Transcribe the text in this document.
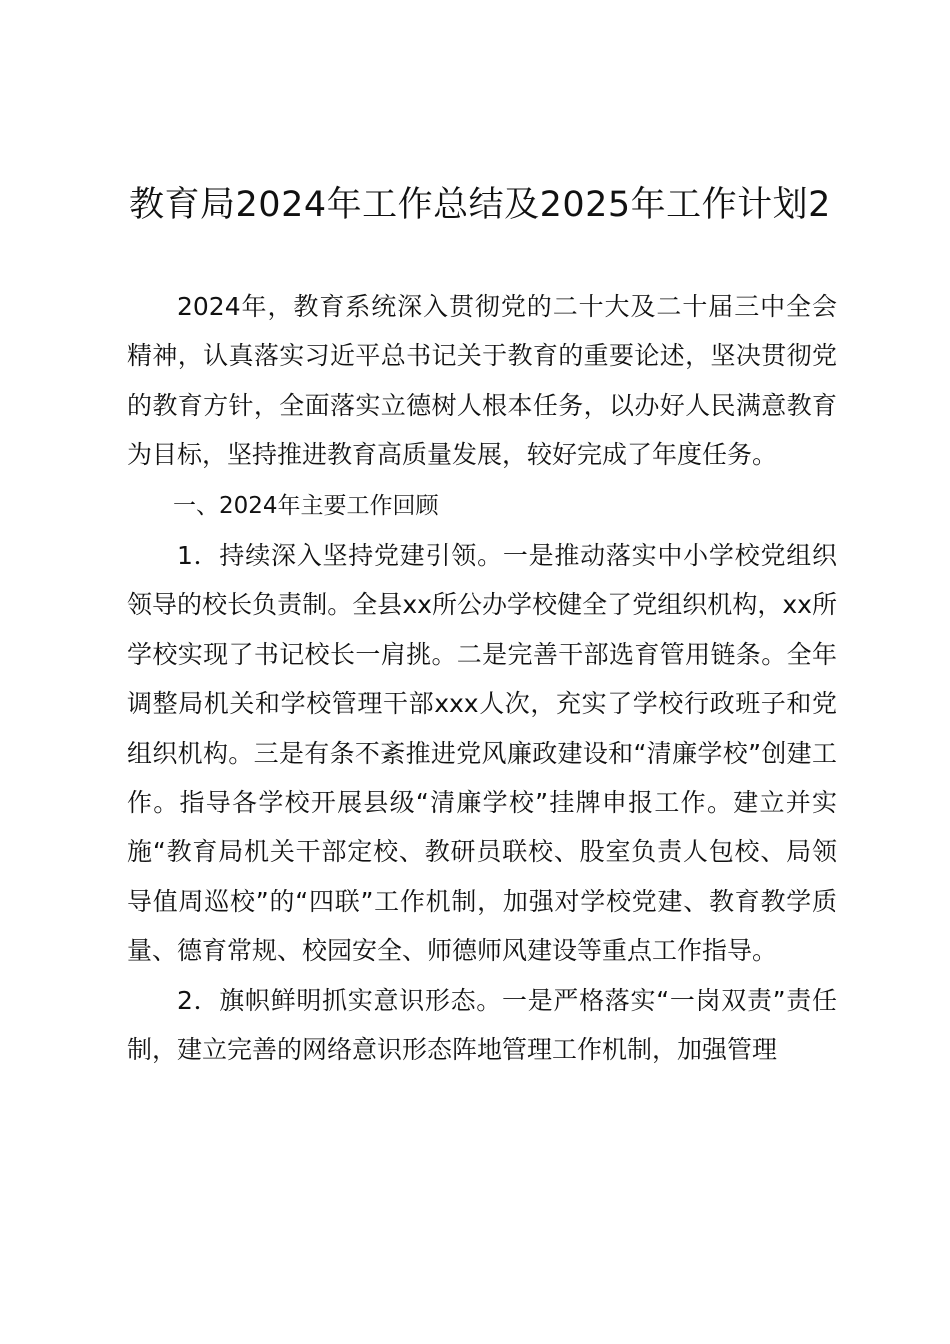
教育局2024年工作总结及2025年工作计划2

2024年，教育系统深入贯彻党的二十大及二十届三中全会精神，认真落实习近平总书记关于教育的重要论述，坚决贯彻党的教育方针，全面落实立德树人根本任务，以办好人民满意教育为目标，坚持推进教育高质量发展，较好完成了年度任务。

一、2024年主要工作回顾

1．持续深入坚持党建引领。一是推动落实中小学校党组织领导的校长负责制。全县xx所公办学校健全了党组织机构，xx所学校实现了书记校长一肩挑。二是完善干部选育管用链条。全年调整局机关和学校管理干部xxx人次，充实了学校行政班子和党组织机构。三是有条不紊推进党风廉政建设和“清廉学校”创建工作。指导各学校开展县级“清廉学校”挂牌申报工作。建立并实施“教育局机关干部定校、教研员联校、股室负责人包校、局领导值周巡校”的“四联”工作机制，加强对学校党建、教育教学质量、德育常规、校园安全、师德师风建设等重点工作指导。

2．旗帜鲜明抓实意识形态。一是严格落实“一岗双责”责任制，建立完善的网络意识形态阵地管理工作机制，加强管理
